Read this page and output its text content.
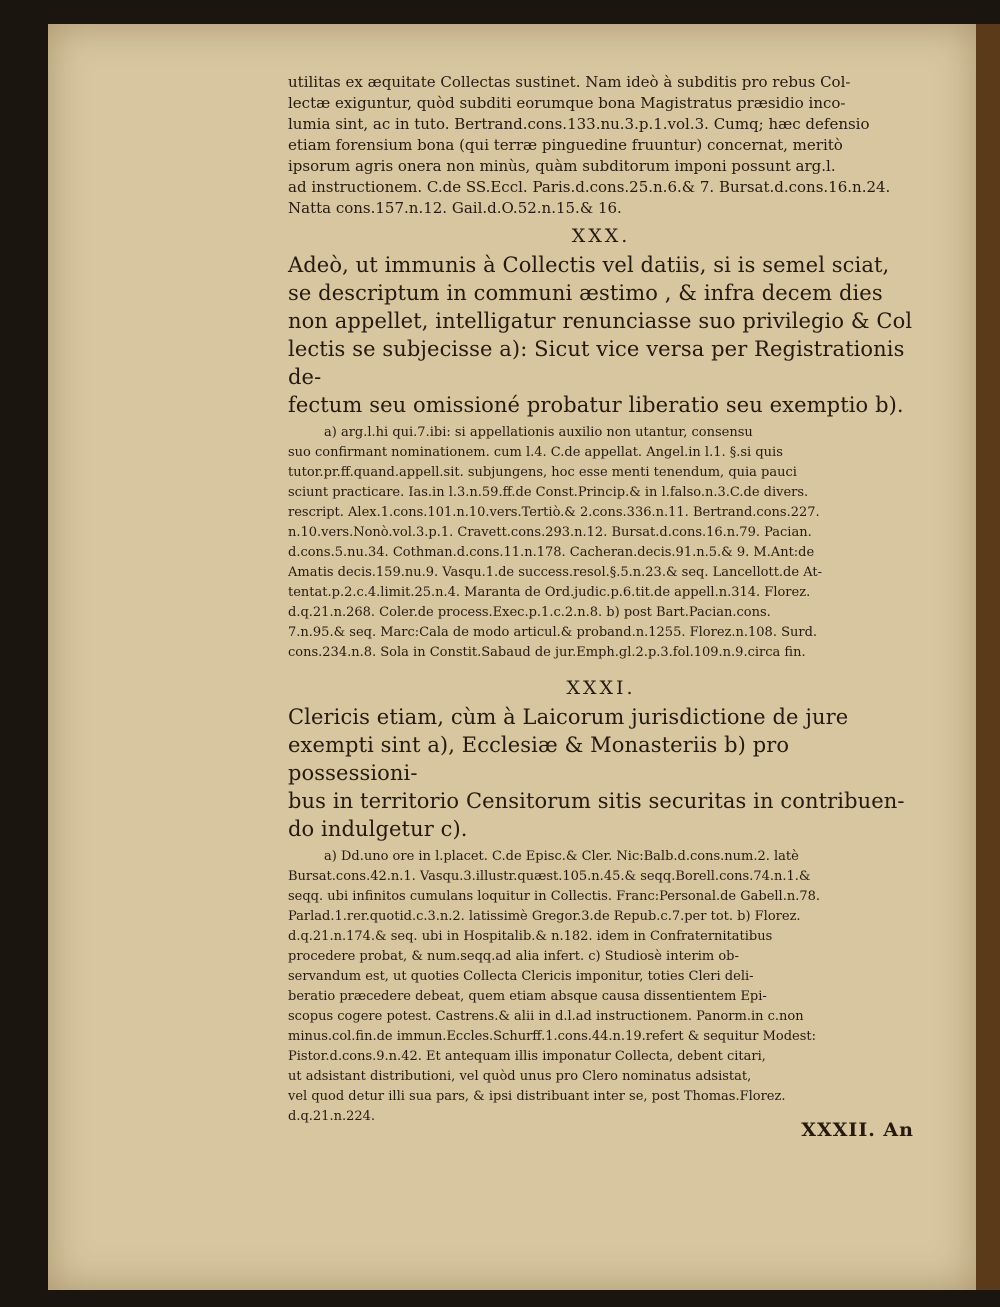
utilitas ex æquitate Collectas sustinet. Nam ideò à subditis pro rebus Col-

lectæ exiguntur, quòd subditi eorumque bona Magistratus præsidio inco-

lumia sint, ac in tuto. Bertrand.cons.133.nu.3.p.1.vol.3. Cumq; hæc defensio

etiam forensium bona (qui terræ pinguedine fruuntur) concernat, meritò

ipsorum agris onera non minùs, quàm subditorum imponi possunt arg.l.

ad instructionem. C.de SS.Eccl. Paris.d.cons.25.n.6.& 7. Bursat.d.cons.16.n.24.

Natta cons.157.n.12. Gail.d.O.52.n.15.& 16.

XXX.

Adeò, ut immunis à Collectis vel datiis, si is semel sciat,

se descriptum in communi æstimo , & infra decem dies

non appellet, intelligatur renunciasse suo privilegio & Col

lectis se subjecisse a): Sicut vice versa per Registrationis de-

fectum seu omissioné probatur liberatio seu exemptio b).

a) arg.l.hi qui.7.ibi: si appellationis auxilio non utantur, consensu
suo confirmant nominationem. cum l.4. C.de appellat. Angel.in l.1. §.si quis
tutor.pr.ff.quand.appell.sit. subjungens, hoc esse menti tenendum, quia pauci
sciunt practicare. Ias.in l.3.n.59.ff.de Const.Princip.& in l.falso.n.3.C.de divers.
rescript. Alex.1.cons.101.n.10.vers.Tertiò.& 2.cons.336.n.11. Bertrand.cons.227.
n.10.vers.Nonò.vol.3.p.1. Cravett.cons.293.n.12. Bursat.d.cons.16.n.79. Pacian.
d.cons.5.nu.34. Cothman.d.cons.11.n.178. Cacheran.decis.91.n.5.& 9. M.Ant:de
Amatis decis.159.nu.9. Vasqu.1.de success.resol.§.5.n.23.& seq. Lancellott.de At-
tentat.p.2.c.4.limit.25.n.4. Maranta de Ord.judic.p.6.tit.de appell.n.314. Florez.
d.q.21.n.268. Coler.de process.Exec.p.1.c.2.n.8. b) post Bart.Pacian.cons.
7.n.95.& seq. Marc:Cala de modo articul.& proband.n.1255. Florez.n.108. Surd.
cons.234.n.8. Sola in Constit.Sabaud de jur.Emph.gl.2.p.3.fol.109.n.9.circa fin.
XXXI.

Clericis etiam, cùm à Laicorum jurisdictione de jure

exempti sint a), Ecclesiæ & Monasteriis b) pro possessioni-

bus in territorio Censitorum sitis securitas in contribuen-

do indulgetur c).

a) Dd.uno ore in l.placet. C.de Episc.& Cler. Nic:Balb.d.cons.num.2. latè
Bursat.cons.42.n.1. Vasqu.3.illustr.quæst.105.n.45.& seqq.Borell.cons.74.n.1.&
seqq. ubi infinitos cumulans loquitur in Collectis. Franc:Personal.de Gabell.n.78.
Parlad.1.rer.quotid.c.3.n.2. latissimè Gregor.3.de Repub.c.7.per tot. b) Florez.
d.q.21.n.174.& seq. ubi in Hospitalib.& n.182. idem in Confraternitatibus
procedere probat, & num.seqq.ad alia infert. c) Studiosè interim ob-
servandum est, ut quoties Collecta Clericis imponitur, toties Cleri deli-
beratio præcedere debeat, quem etiam absque causa dissentientem Epi-
scopus cogere potest. Castrens.& alii in d.l.ad instructionem. Panorm.in c.non
minus.col.fin.de immun.Eccles.Schurff.1.cons.44.n.19.refert & sequitur Modest:
Pistor.d.cons.9.n.42. Et antequam illis imponatur Collecta, debent citari,
ut adsistant distributioni, vel quòd unus pro Clero nominatus adsistat,
vel quod detur illi sua pars, & ipsi distribuant inter se, post Thomas.Florez.
d.q.21.n.224.
XXXII. An
